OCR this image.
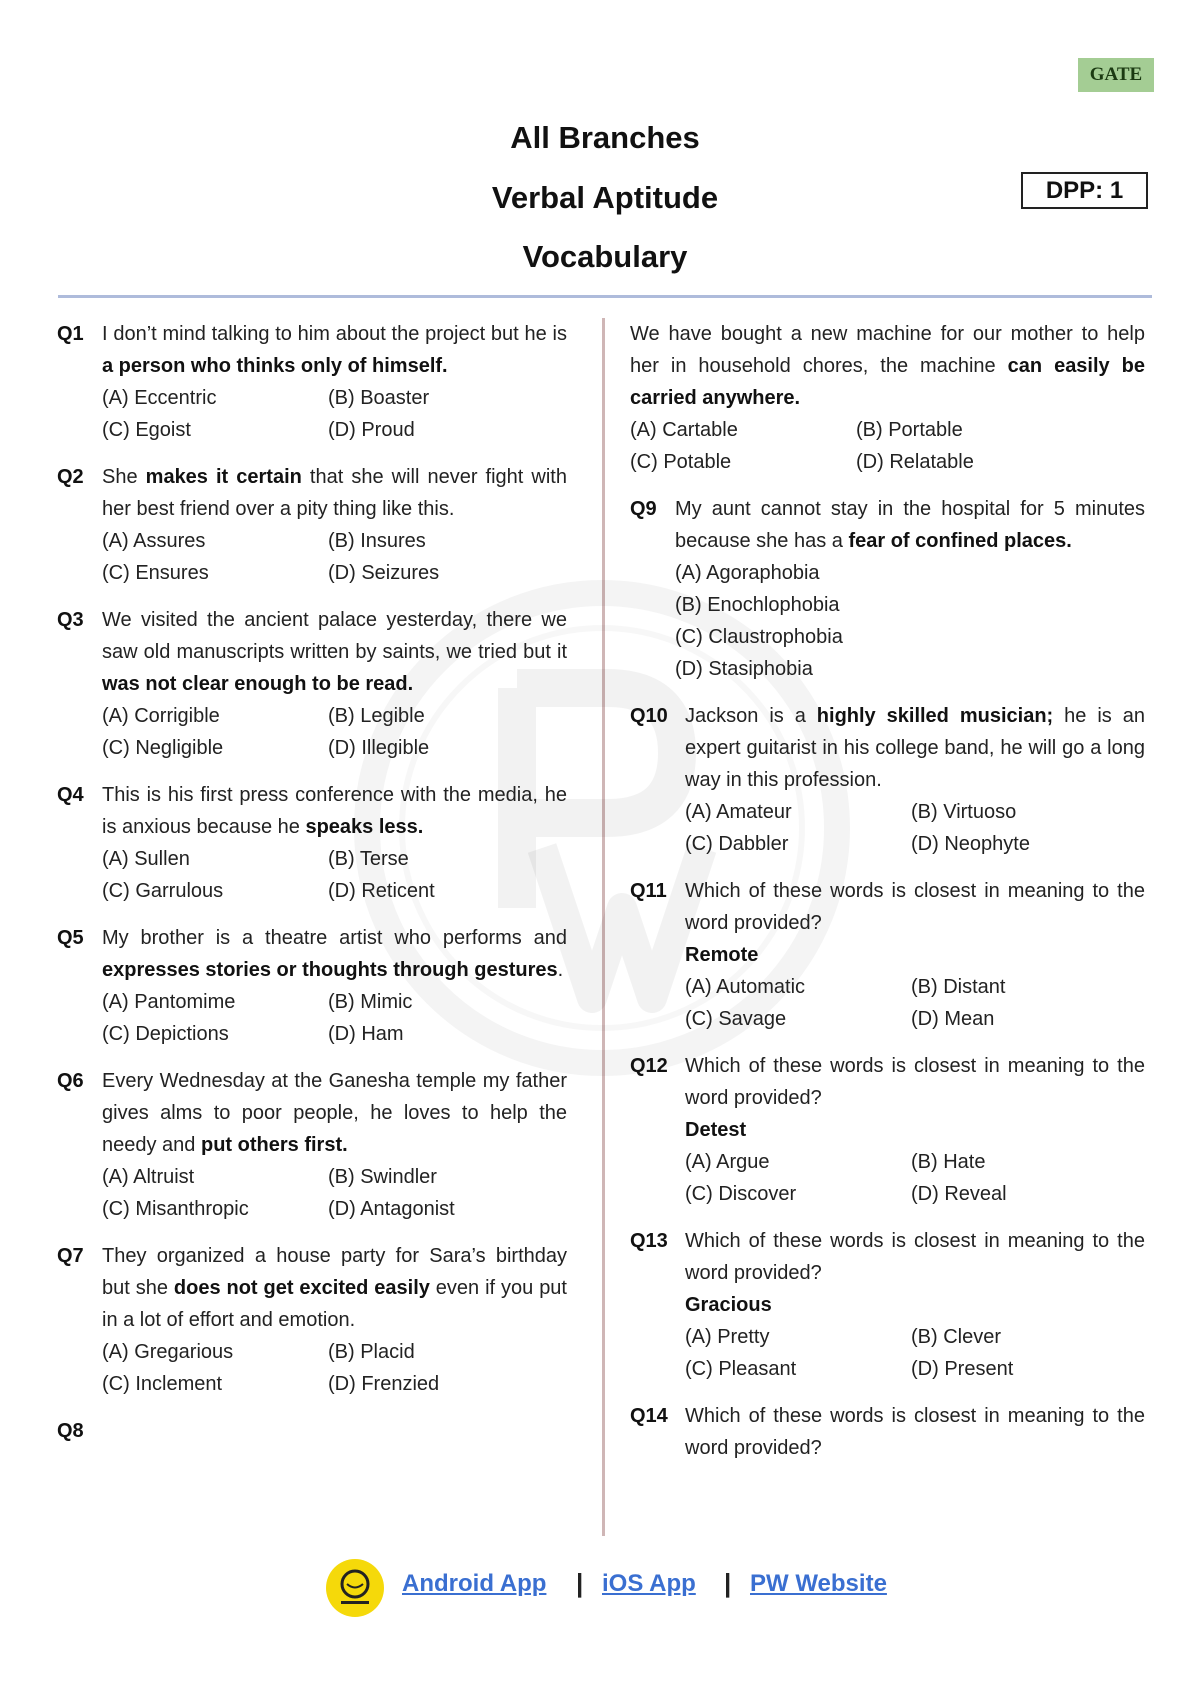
GATE
All Branches
Verbal Aptitude
Vocabulary
DPP: 1
Q1 I don’t mind talking to him about the project but he is a person who thinks only of himself.
(A) Eccentric	(B) Boaster
(C) Egoist	(D) Proud
Q2 She makes it certain that she will never fight with her best friend over a pity thing like this.
(A) Assures	(B) Insures
(C) Ensures	(D) Seizures
Q3 We visited the ancient palace yesterday, there we saw old manuscripts written by saints, we tried but it was not clear enough to be read.
(A) Corrigible	(B) Legible
(C) Negligible	(D) Illegible
Q4 This is his first press conference with the media, he is anxious because he speaks less.
(A) Sullen	(B) Terse
(C) Garrulous	(D) Reticent
Q5 My brother is a theatre artist who performs and expresses stories or thoughts through gestures.
(A) Pantomime	(B) Mimic
(C) Depictions	(D) Ham
Q6 Every Wednesday at the Ganesha temple my father gives alms to poor people, he loves to help the needy and put others first.
(A) Altruist	(B) Swindler
(C) Misanthropic	(D) Antagonist
Q7 They organized a house party for Sara’s birthday but she does not get excited easily even if you put in a lot of effort and emotion.
(A) Gregarious	(B) Placid
(C) Inclement	(D) Frenzied
Q8
We have bought a new machine for our mother to help her in household chores, the machine can easily be carried anywhere.
(A) Cartable	(B) Portable
(C) Potable	(D) Relatable
Q9 My aunt cannot stay in the hospital for 5 minutes because she has a fear of confined places.
(A) Agoraphobia
(B) Enochlophobia
(C) Claustrophobia
(D) Stasiphobia
Q10 Jackson is a highly skilled musician; he is an expert guitarist in his college band, he will go a long way in this profession.
(A) Amateur	(B) Virtuoso
(C) Dabbler	(D) Neophyte
Q11 Which of these words is closest in meaning to the word provided?
Remote
(A) Automatic	(B) Distant
(C) Savage	(D) Mean
Q12 Which of these words is closest in meaning to the word provided?
Detest
(A) Argue	(B) Hate
(C) Discover	(D) Reveal
Q13 Which of these words is closest in meaning to the word provided?
Gracious
(A) Pretty	(B) Clever
(C) Pleasant	(D) Present
Q14 Which of these words is closest in meaning to the word provided?
Android App | iOS App | PW Website
